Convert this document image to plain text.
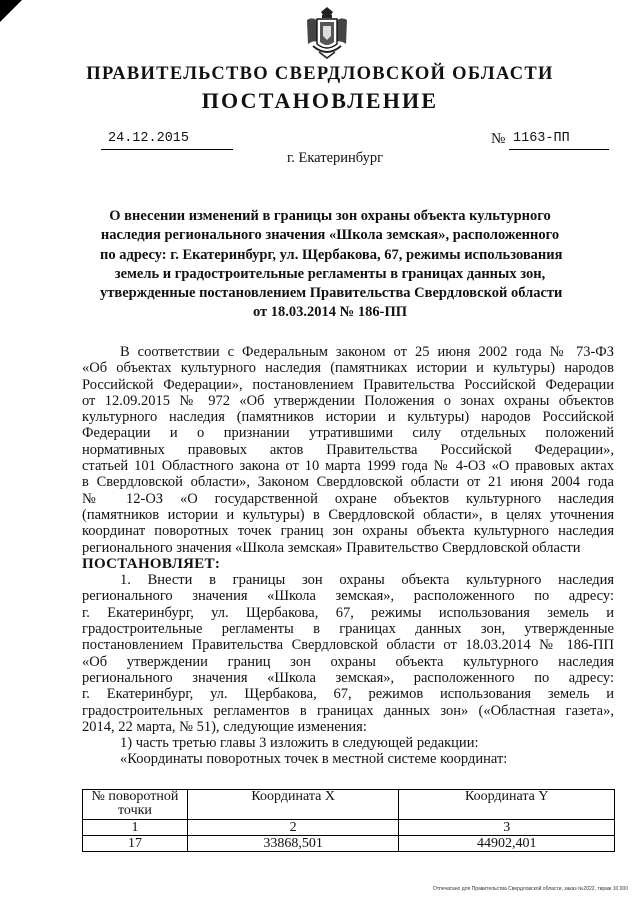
ПРАВИТЕЛЬСТВО СВЕРДЛОВСКОЙ ОБЛАСТИ
ПОСТАНОВЛЕНИЕ
24.12.2015	№ 1163-ПП
г. Екатеринбург
О внесении изменений в границы зон охраны объекта культурного
наследия регионального значения «Школа земская», расположенного
по адресу: г. Екатеринбург, ул. Щербакова, 67, режимы использования
земель и градостроительные регламенты в границах данных зон,
утвержденные постановлением Правительства Свердловской области
от 18.03.2014 № 186-ПП
В соответствии с Федеральным законом от 25 июня 2002 года № 73-ФЗ
«Об объектах культурного наследия (памятниках истории и культуры) народов
Российской Федерации», постановлением Правительства Российской Федерации
от 12.09.2015 № 972 «Об утверждении Положения о зонах охраны объектов
культурного наследия (памятников истории и культуры) народов Российской
Федерации и о признании утратившими силу отдельных положений
нормативных правовых актов Правительства Российской Федерации»,
статьей 101 Областного закона от 10 марта 1999 года № 4-ОЗ «О правовых актах
в Свердловской области», Законом Свердловской области от 21 июня 2004 года
№ 12-ОЗ «О государственной охране объектов культурного наследия
(памятников истории и культуры) в Свердловской области», в целях уточнения
координат поворотных точек границ зон охраны объекта культурного наследия
регионального значения «Школа земская» Правительство Свердловской области
ПОСТАНОВЛЯЕТ:
1. Внести в границы зон охраны объекта культурного наследия
регионального значения «Школа земская», расположенного по адресу:
г. Екатеринбург, ул. Щербакова, 67, режимы использования земель и
градостроительные регламенты в границах данных зон, утвержденные
постановлением Правительства Свердловской области от 18.03.2014 № 186-ПП
«Об утверждении границ зон охраны объекта культурного наследия
регионального значения «Школа земская», расположенного по адресу:
г. Екатеринбург, ул. Щербакова, 67, режимов использования земель и
градостроительных регламентов в границах данных зон» («Областная газета»,
2014, 22 марта, № 51), следующие изменения:
1) часть третью главы 3 изложить в следующей редакции:
«Координаты поворотных точек в местной системе координат:
№ поворотной точки	Координата X	Координата Y
1	2	3
17	33868,501	44902,401
Отпечатано для Правительства Свердловской области, заказ №2022, тираж 10 000
